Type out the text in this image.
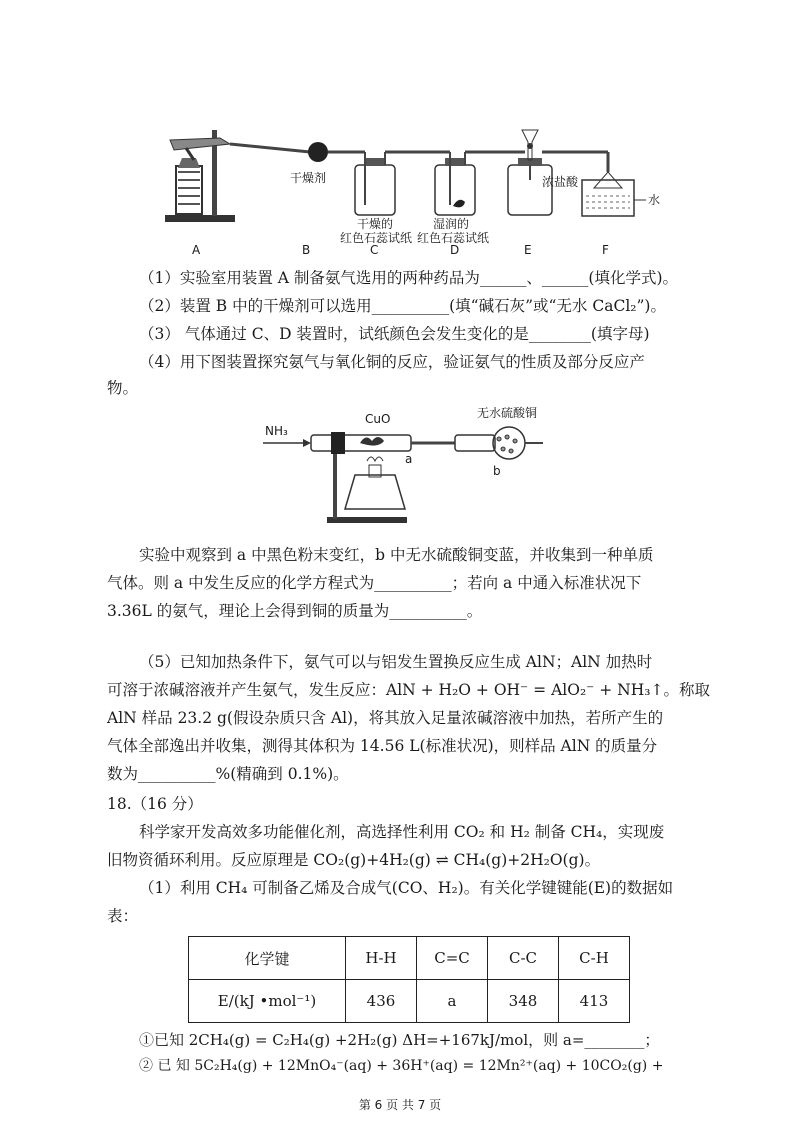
干燥剂
干燥的
红色石蕊试纸
湿润的
红色石蕊试纸
浓盐酸
水
A	B	C	D	E	F
（1）实验室用装置 A 制备氨气选用的两种药品为______、______(填化学式)。
（2）装置 B 中的干燥剂可以选用__________(填“碱石灰”或“无水 CaCl₂”)。
（3） 气体通过 C、D 装置时，试纸颜色会发生变化的是________(填字母)
（4）用下图装置探究氨气与氧化铜的反应，验证氨气的性质及部分反应产
物。
NH₃
CuO
a
无水硫酸铜
b
实验中观察到 a 中黑色粉末变红，b 中无水硫酸铜变蓝，并收集到一种单质
气体。则 a 中发生反应的化学方程式为__________；若向 a 中通入标准状况下
3.36L 的氨气，理论上会得到铜的质量为__________。
（5）已知加热条件下，氨气可以与铝发生置换反应生成 AlN；AlN 加热时
可溶于浓碱溶液并产生氨气，发生反应：AlN + H₂O + OH⁻ = AlO₂⁻ + NH₃↑。称取
AlN 样品 23.2 g(假设杂质只含 Al)，将其放入足量浓碱溶液中加热，若所产生的
气体全部逸出并收集，测得其体积为 14.56 L(标准状况)，则样品 AlN 的质量分
数为__________%(精确到 0.1%)。
18.（16 分）
科学家开发高效多功能催化剂，高选择性利用 CO₂ 和 H₂ 制备 CH₄，实现废
旧物资循环利用。反应原理是 CO₂(g)+4H₂(g) ⇌ CH₄(g)+2H₂O(g)。
（1）利用 CH₄ 可制备乙烯及合成气(CO、H₂)。有关化学键键能(E)的数据如
表：
化学键	H-H	C=C	C-C	C-H
E/(kJ •mol⁻¹)	436	a	348	413
①已知 2CH₄(g) = C₂H₄(g) +2H₂(g) ΔH=+167kJ/mol，则 a=________；
② 已 知 5C₂H₄(g) + 12MnO₄⁻(aq) + 36H⁺(aq) = 12Mn²⁺(aq) + 10CO₂(g) +
第 6 页 共 7 页
